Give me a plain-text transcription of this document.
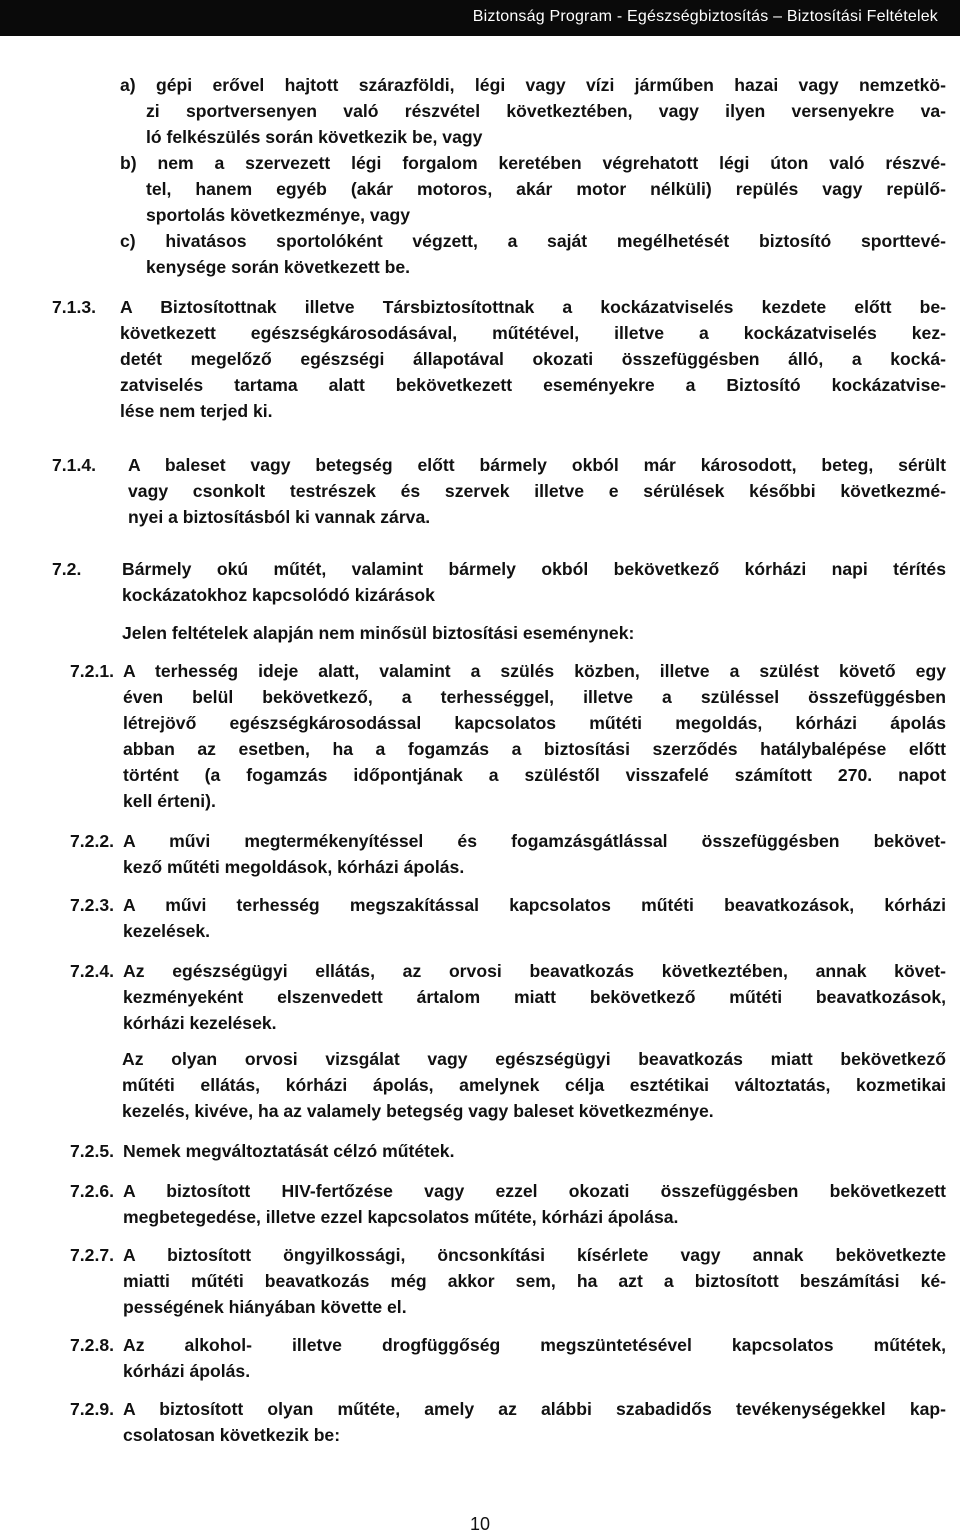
Biztonság Program - Egészségbiztosítás – Biztosítási Feltételek
a) gépi erővel hajtott szárazföldi, légi vagy vízi járműben hazai vagy nemzetkö-
zi sportversenyen való részvétel következtében, vagy ilyen versenyekre va-
ló felkészülés során következik be, vagy
b) nem a szervezett légi forgalom keretében végrehatott légi úton való részvé-
tel, hanem egyéb (akár motoros, akár motor nélküli) repülés vagy repülő-
sportolás következménye, vagy
c) hivatásos sportolóként végzett, a saját megélhetését biztosító sporttevé-
kenysége során következett be.
7.1.3. A Biztosítottnak illetve Társbiztosítottnak a kockázatviselés kezdete előtt be-
következett egészségkárosodásával, műtétével, illetve a kockázatviselés kez-
detét megelőző egészségi állapotával okozati összefüggésben álló, a kocká-
zatviselés tartama alatt bekövetkezett eseményekre a Biztosító kockázatvise-
lése nem terjed ki.
7.1.4. A baleset vagy betegség előtt bármely okból már károsodott, beteg, sérült
vagy csonkolt testrészek és szervek illetve e sérülések későbbi következmé-
nyei a biztosításból ki vannak zárva.
7.2. Bármely okú műtét, valamint bármely okból bekövetkező kórházi napi térítés
kockázatokhoz kapcsolódó kizárások
Jelen feltételek alapján nem minősül biztosítási eseménynek:
7.2.1. A terhesség ideje alatt, valamint a szülés közben, illetve a szülést követő egy
éven belül bekövetkező, a terhességgel, illetve a szüléssel összefüggésben
létrejövő egészségkárosodással kapcsolatos műtéti megoldás, kórházi ápolás
abban az esetben, ha a fogamzás a biztosítási szerződés hatálybalépése előtt
történt (a fogamzás időpontjának a szüléstől visszafelé számított 270. napot
kell érteni).
7.2.2. A művi megtermékenyítéssel és fogamzásgátlással összefüggésben bekövet-
kező műtéti megoldások, kórházi ápolás.
7.2.3. A művi terhesség megszakítással kapcsolatos műtéti beavatkozások, kórházi
kezelések.
7.2.4. Az egészségügyi ellátás, az orvosi beavatkozás következtében, annak követ-
kezményeként elszenvedett ártalom miatt bekövetkező műtéti beavatkozások,
kórházi kezelések.
Az olyan orvosi vizsgálat vagy egészségügyi beavatkozás miatt bekövetkező
műtéti ellátás, kórházi ápolás, amelynek célja esztétikai változtatás, kozmetikai
kezelés, kivéve, ha az valamely betegség vagy baleset következménye.
7.2.5. Nemek megváltoztatását célzó műtétek.
7.2.6. A biztosított HIV-fertőzése vagy ezzel okozati összefüggésben bekövetkezett
megbetegedése, illetve ezzel kapcsolatos műtéte, kórházi ápolása.
7.2.7. A biztosított öngyilkossági, öncsonkítási kísérlete vagy annak bekövetkezte
miatti műtéti beavatkozás még akkor sem, ha azt a biztosított beszámítási ké-
pességének hiányában követte el.
7.2.8. Az alkohol- illetve drogfüggőség megszüntetésével kapcsolatos műtétek,
kórházi ápolás.
7.2.9. A biztosított olyan műtéte, amely az alábbi szabadidős tevékenységekkel kap-
csolatosan következik be:
10
